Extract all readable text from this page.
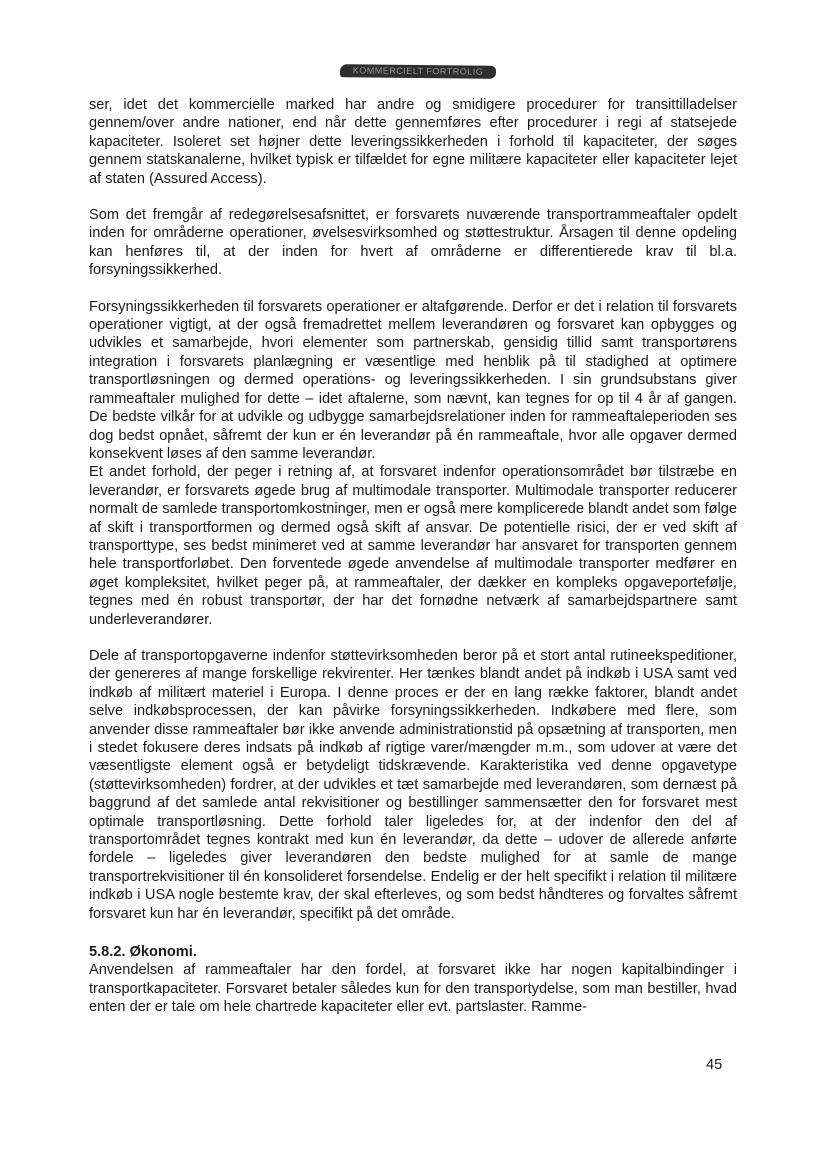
KOMMERCIELT FORTROLIG

ser, idet det kommercielle marked har andre og smidigere procedurer for transittilladelser gennem/over andre nationer, end når dette gennemføres efter procedurer i regi af statsejede kapaciteter. Isoleret set højner dette leveringssikkerheden i forhold til kapaciteter, der søges gennem statskanalerne, hvilket typisk er tilfældet for egne militære kapaciteter eller kapaciteter lejet af staten (Assured Access).

Som det fremgår af redegørelsesafsnittet, er forsvarets nuværende transportrammeaftaler opdelt inden for områderne operationer, øvelsesvirksomhed og støttestruktur. Årsagen til denne opdeling kan henføres til, at der inden for hvert af områderne er differentierede krav til bl.a. forsyningssikkerhed.

Forsyningssikkerheden til forsvarets operationer er altafgørende. Derfor er det i relation til forsvarets operationer vigtigt, at der også fremadrettet mellem leverandøren og forsvaret kan opbygges og udvikles et samarbejde, hvori elementer som partnerskab, gensidig tillid samt transportørens integration i forsvarets planlægning er væsentlige med henblik på til stadighed at optimere transportløsningen og dermed operations- og leveringssikkerheden. I sin grundsubstans giver rammeaftaler mulighed for dette – idet aftalerne, som nævnt, kan tegnes for op til 4 år af gangen. De bedste vilkår for at udvikle og udbygge samarbejdsrelationer inden for rammeaftaleperioden ses dog bedst opnået, såfremt der kun er én leverandør på én rammeaftale, hvor alle opgaver dermed konsekvent løses af den samme leverandør.

Et andet forhold, der peger i retning af, at forsvaret indenfor operationsområdet bør tilstræbe en leverandør, er forsvarets øgede brug af multimodale transporter. Multimodale transporter reducerer normalt de samlede transportomkostninger, men er også mere komplicerede blandt andet som følge af skift i transportformen og dermed også skift af ansvar. De potentielle risici, der er ved skift af transporttype, ses bedst minimeret ved at samme leverandør har ansvaret for transporten gennem hele transportforløbet. Den forventede øgede anvendelse af multimodale transporter medfører en øget kompleksitet, hvilket peger på, at rammeaftaler, der dækker en kompleks opgaveportefølje, tegnes med én robust transportør, der har det fornødne netværk af samarbejdspartnere samt underleverandører.

Dele af transportopgaverne indenfor støttevirksomheden beror på et stort antal rutineekspeditioner, der genereres af mange forskellige rekvirenter. Her tænkes blandt andet på indkøb i USA samt ved indkøb af militært materiel i Europa. I denne proces er der en lang række faktorer, blandt andet selve indkøbsprocessen, der kan påvirke forsyningssikkerheden. Indkøbere med flere, som anvender disse rammeaftaler bør ikke anvende administrationstid på opsætning af transporten, men i stedet fokusere deres indsats på indkøb af rigtige varer/mængder m.m., som udover at være det væsentligste element også er betydeligt tidskrævende. Karakteristika ved denne opgavetype (støttevirksomheden) fordrer, at der udvikles et tæt samarbejde med leverandøren, som dernæst på baggrund af det samlede antal rekvisitioner og bestillinger sammensætter den for forsvaret mest optimale transportløsning. Dette forhold taler ligeledes for, at der indenfor den del af transportområdet tegnes kontrakt med kun én leverandør, da dette – udover de allerede anførte fordele – ligeledes giver leverandøren den bedste mulighed for at samle de mange transportrekvisitioner til én konsolideret forsendelse. Endelig er der helt specifikt i relation til militære indkøb i USA nogle bestemte krav, der skal efterleves, og som bedst håndteres og forvaltes såfremt forsvaret kun har én leverandør, specifikt på det område.

5.8.2. Økonomi.

Anvendelsen af rammeaftaler har den fordel, at forsvaret ikke har nogen kapitalbindinger i transportkapaciteter. Forsvaret betaler således kun for den transportydelse, som man bestiller, hvad enten der er tale om hele chartrede kapaciteter eller evt. partslaster. Ramme-

45
